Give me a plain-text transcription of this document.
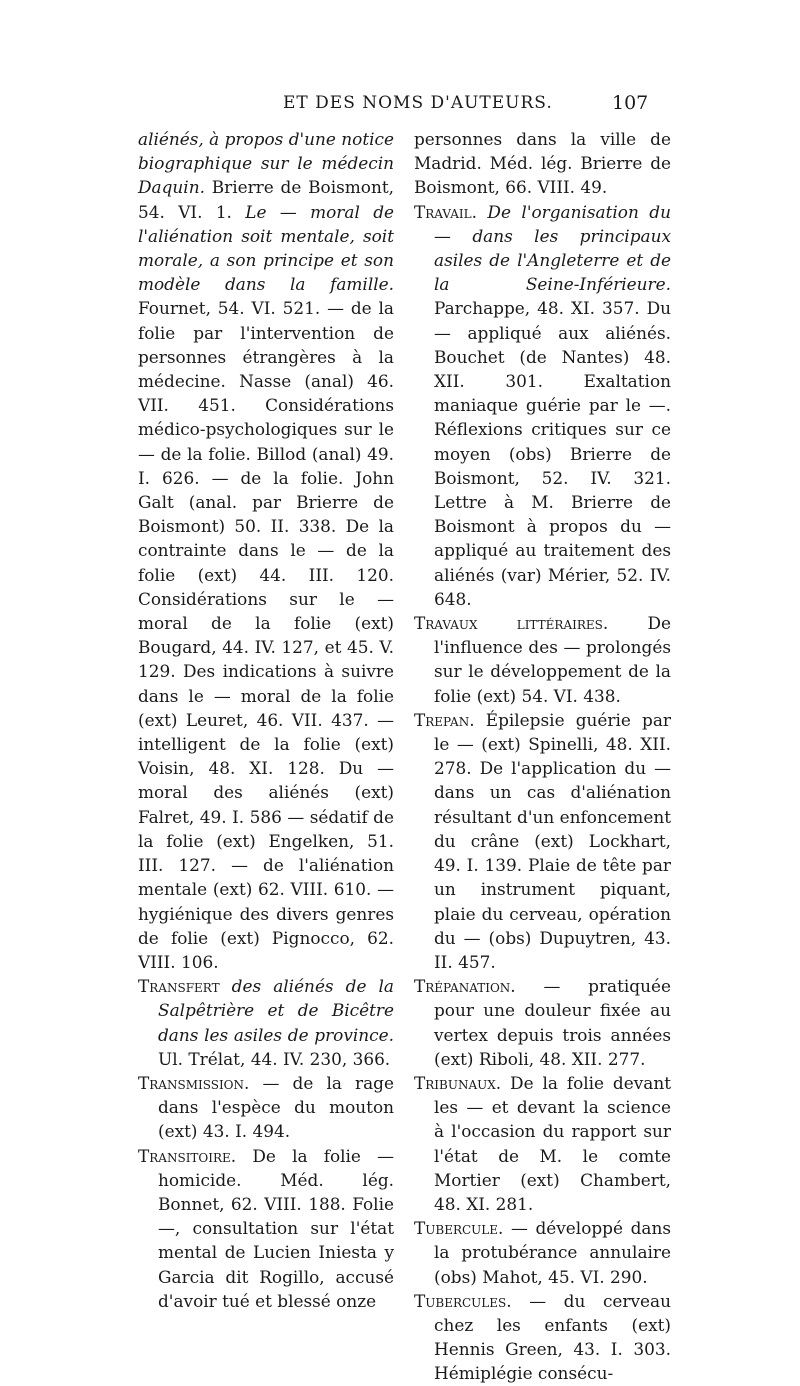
ET DES NOMS D'AUTEURS.	107

aliénés, à propos d'une notice biographique sur le médecin Daquin. Brierre de Boismont, 54. VI. 1. Le — moral de l'aliénation soit mentale, soit morale, a son principe et son modèle dans la famille. Fournet, 54. VI. 521. — de la folie par l'intervention de personnes étrangères à la médecine. Nasse (anal) 46. VII. 451. Considérations médico-psychologiques sur le — de la folie. Billod (anal) 49. I. 626. — de la folie. John Galt (anal. par Brierre de Boismont) 50. II. 338. De la contrainte dans le — de la folie (ext) 44. III. 120. Considérations sur le — moral de la folie (ext) Bougard, 44. IV. 127, et 45. V. 129. Des indications à suivre dans le — moral de la folie (ext) Leuret, 46. VII. 437. — intelligent de la folie (ext) Voisin, 48. XI. 128. Du — moral des aliénés (ext) Falret, 49. I. 586 — sédatif de la folie (ext) Engelken, 51. III. 127. — de l'aliénation mentale (ext) 62. VIII. 610. — hygiénique des divers genres de folie (ext) Pignocco, 62. VIII. 106.

Transfert des aliénés de la Salpêtrière et de Bicêtre dans les asiles de province. Ul. Trélat, 44. IV. 230, 366.

Transmission. — de la rage dans l'espèce du mouton (ext) 43. I. 494.

Transitoire. De la folie — homicide. Méd. lég. Bonnet, 62. VIII. 188. Folie —, consultation sur l'état mental de Lucien Iniesta y Garcia dit Rogillo, accusé d'avoir tué et blessé onze

personnes dans la ville de Madrid. Méd. lég. Brierre de Boismont, 66. VIII. 49.

Travail. De l'organisation du — dans les principaux asiles de l'Angleterre et de la Seine-Inférieure. Parchappe, 48. XI. 357. Du — appliqué aux aliénés. Bouchet (de Nantes) 48. XII. 301. Exaltation maniaque guérie par le —. Réflexions critiques sur ce moyen (obs) Brierre de Boismont, 52. IV. 321. Lettre à M. Brierre de Boismont à propos du — appliqué au traitement des aliénés (var) Mérier, 52. IV. 648.

Travaux littéraires. De l'influence des — prolongés sur le développement de la folie (ext) 54. VI. 438.

Trepan. Épilepsie guérie par le — (ext) Spinelli, 48. XII. 278. De l'application du — dans un cas d'aliénation résultant d'un enfoncement du crâne (ext) Lockhart, 49. I. 139. Plaie de tête par un instrument piquant, plaie du cerveau, opération du — (obs) Dupuytren, 43. II. 457.

Trépanation. — pratiquée pour une douleur fixée au vertex depuis trois années (ext) Riboli, 48. XII. 277.

Tribunaux. De la folie devant les — et devant la science à l'occasion du rapport sur l'état de M. le comte Mortier (ext) Chambert, 48. XI. 281.

Tubercule. — développé dans la protubérance annulaire (obs) Mahot, 45. VI. 290.

Tubercules. — du cerveau chez les enfants (ext) Hennis Green, 43. I. 303. Hémiplégie consécu-
